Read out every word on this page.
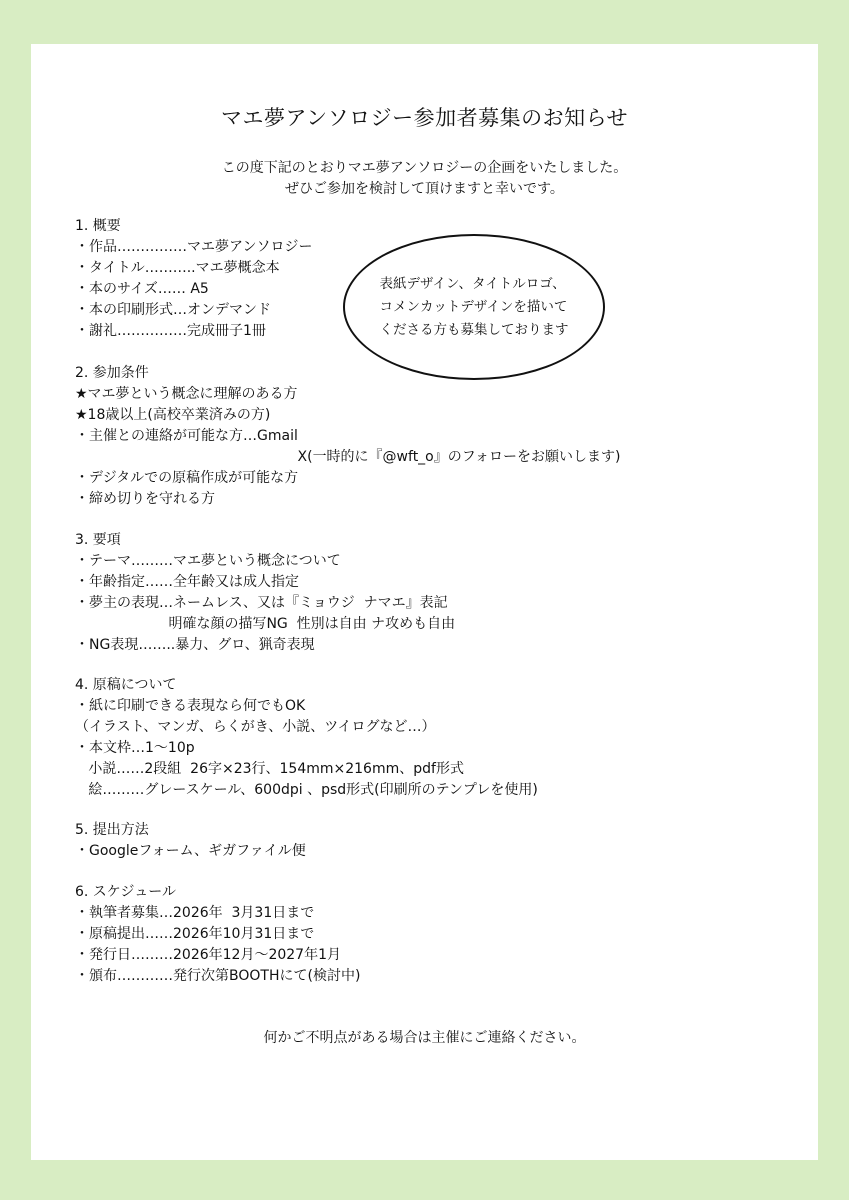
マエ夢アンソロジー参加者募集のお知らせ
この度下記のとおりマエ夢アンソロジーの企画をいたしました。
ぜひご参加を検討して頂けますと幸いです。
1. 概要
・作品……………マエ夢アンソロジー
・タイトル………..マエ夢概念本
・本のサイズ…… A5
・本の印刷形式…オンデマンド
・謝礼……………完成冊子1冊
表紙デザイン、タイトルロゴ、
コメンカットデザインを描いて
くださる方も募集しております
2. 参加条件
★マエ夢という概念に理解のある方
★18歳以上(高校卒業済みの方)
・主催との連絡が可能な方…Gmail
X(一時的に『@wft_o』のフォローをお願いします)
・デジタルでの原稿作成が可能な方
・締め切りを守れる方
3. 要項
・テーマ………マエ夢という概念について
・年齢指定……全年齢又は成人指定
・夢主の表現…ネームレス、又は『ミョウジ  ナマエ』表記
明確な顔の描写NG  性別は自由 ナ攻めも自由
・NG表現……..暴力、グロ、猟奇表現
4. 原稿について
・紙に印刷できる表現なら何でもOK
（イラスト、マンガ、らくがき、小説、ツイログなど…）
・本文枠…1～10p
小説……2段組  26字×23行、154mm×216mm、pdf形式
絵………グレースケール、600dpi 、psd形式(印刷所のテンプレを使用)
5. 提出方法
・Googleフォーム、ギガファイル便
6. スケジュール
・執筆者募集…2026年  3月31日まで
・原稿提出……2026年10月31日まで
・発行日………2026年12月～2027年1月
・頒布…………発行次第BOOTHにて(検討中)
何かご不明点がある場合は主催にご連絡ください。
